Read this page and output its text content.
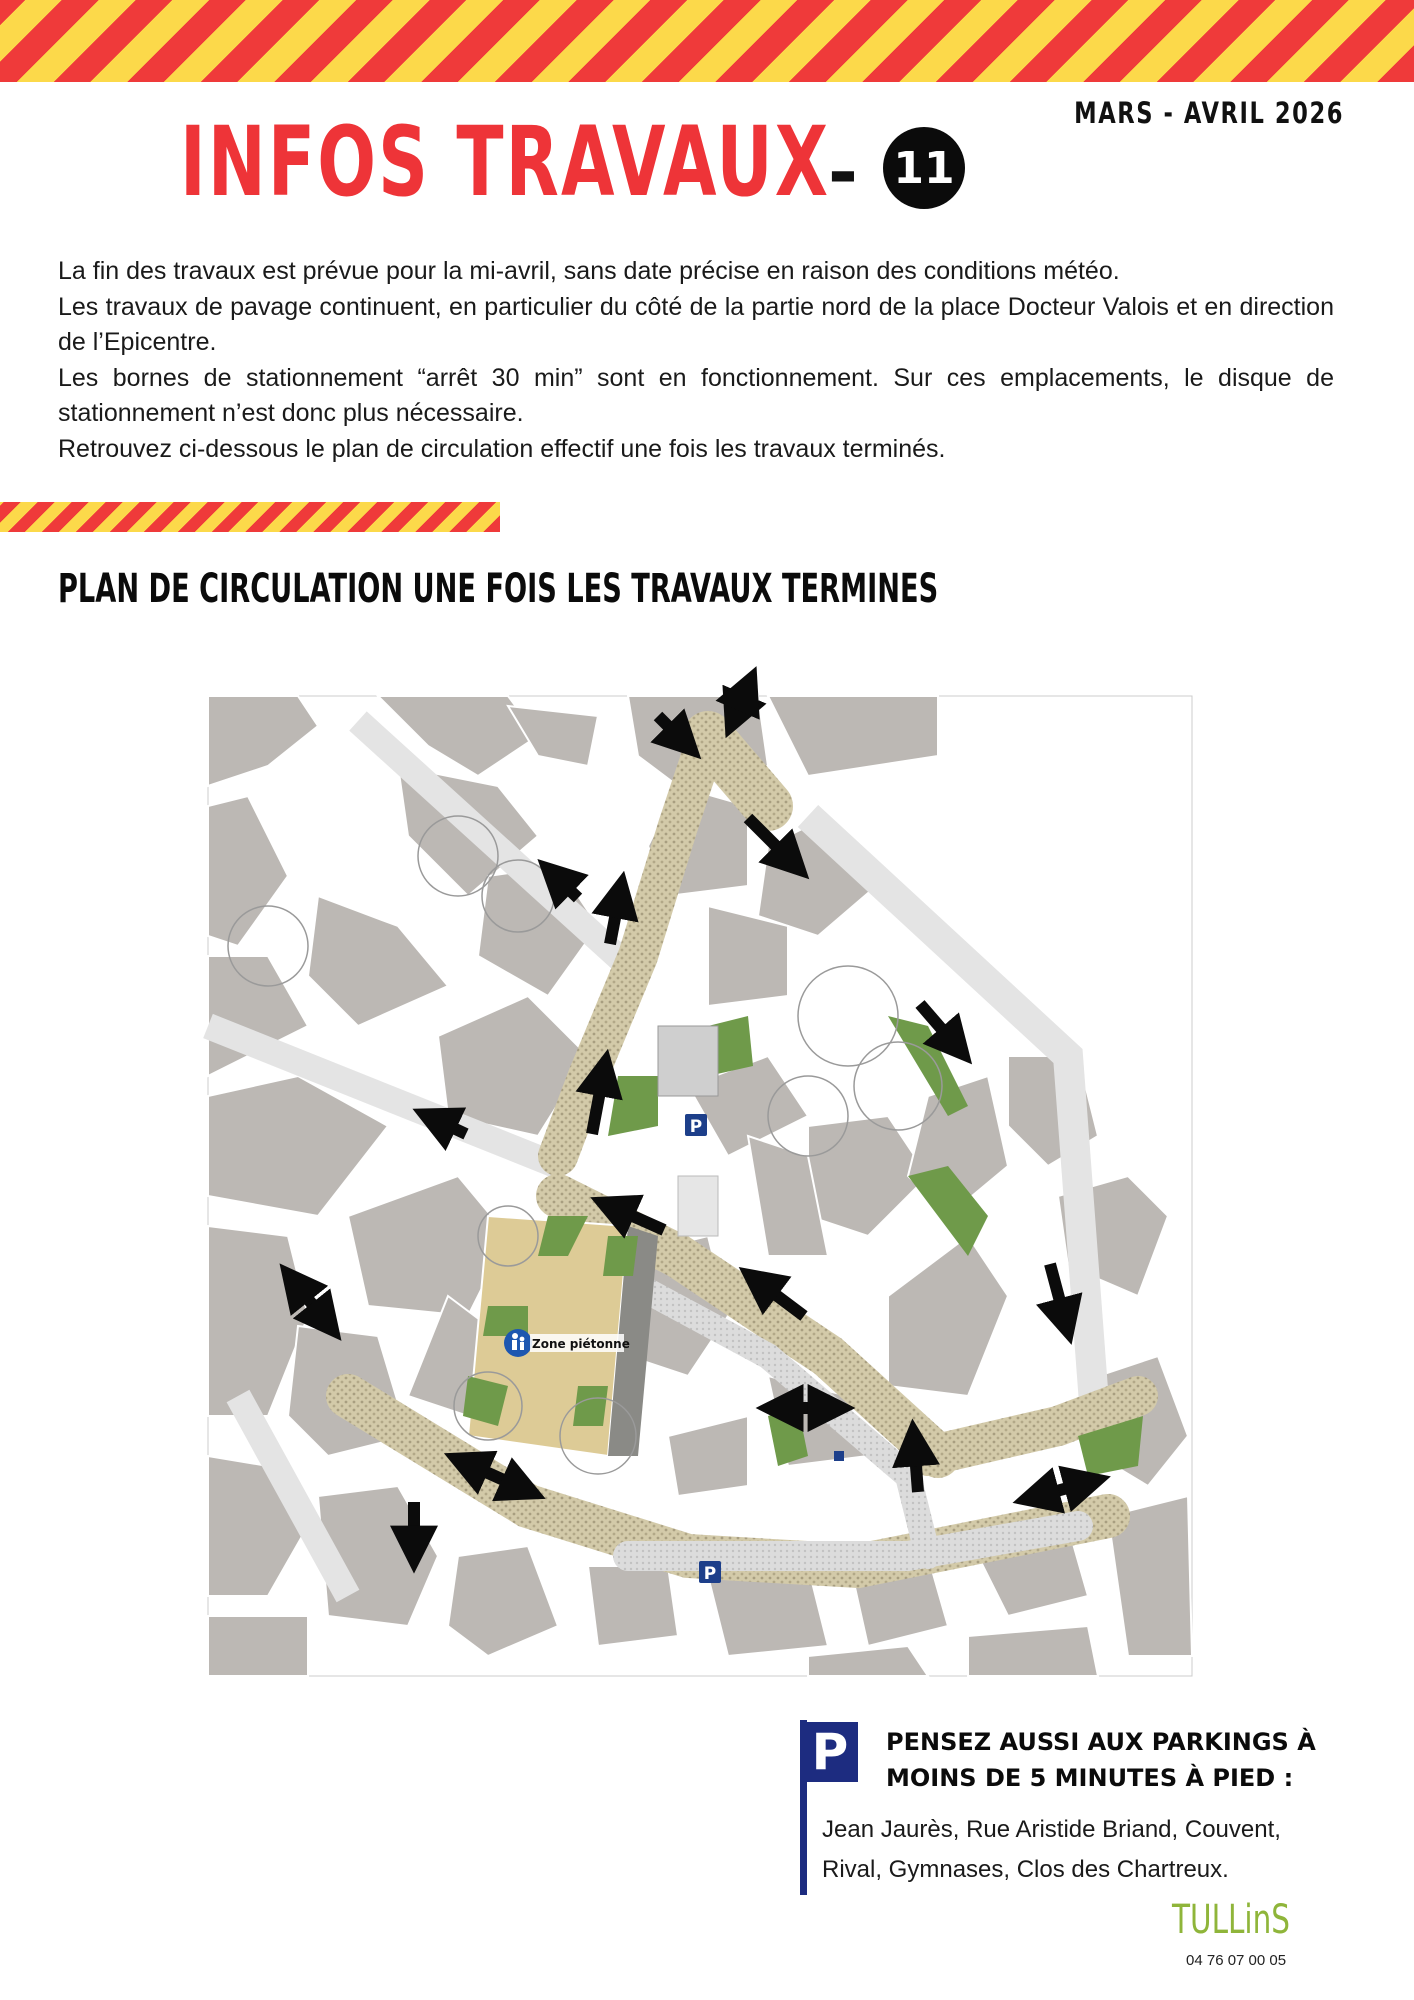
MARS - AVRIL 2026
INFOS TRAVAUX
- 11

La fin des travaux est prévue pour la mi-avril, sans date précise en raison des conditions météo.

Les travaux de pavage continuent, en particulier du côté de la partie nord de la place Docteur Valois et en direction de l’Epicentre.

Les bornes de stationnement “arrêt 30 min” sont en fonctionnement. Sur ces emplacements, le disque de stationnement n’est donc plus nécessaire.

Retrouvez ci-dessous le plan de circulation effectif une fois les travaux terminés.

PLAN DE CIRCULATION UNE FOIS LES TRAVAUX TERMINES
P
P
Zone piétonne
P	PENSEZ AUSSI AUX PARKINGS À MOINS DE 5 MINUTES À PIED :
Jean Jaurès, Rue Aristide Briand, Couvent,
Rival, Gymnases, Clos des Chartreux.
TULLinS
04 76 07 00 05
